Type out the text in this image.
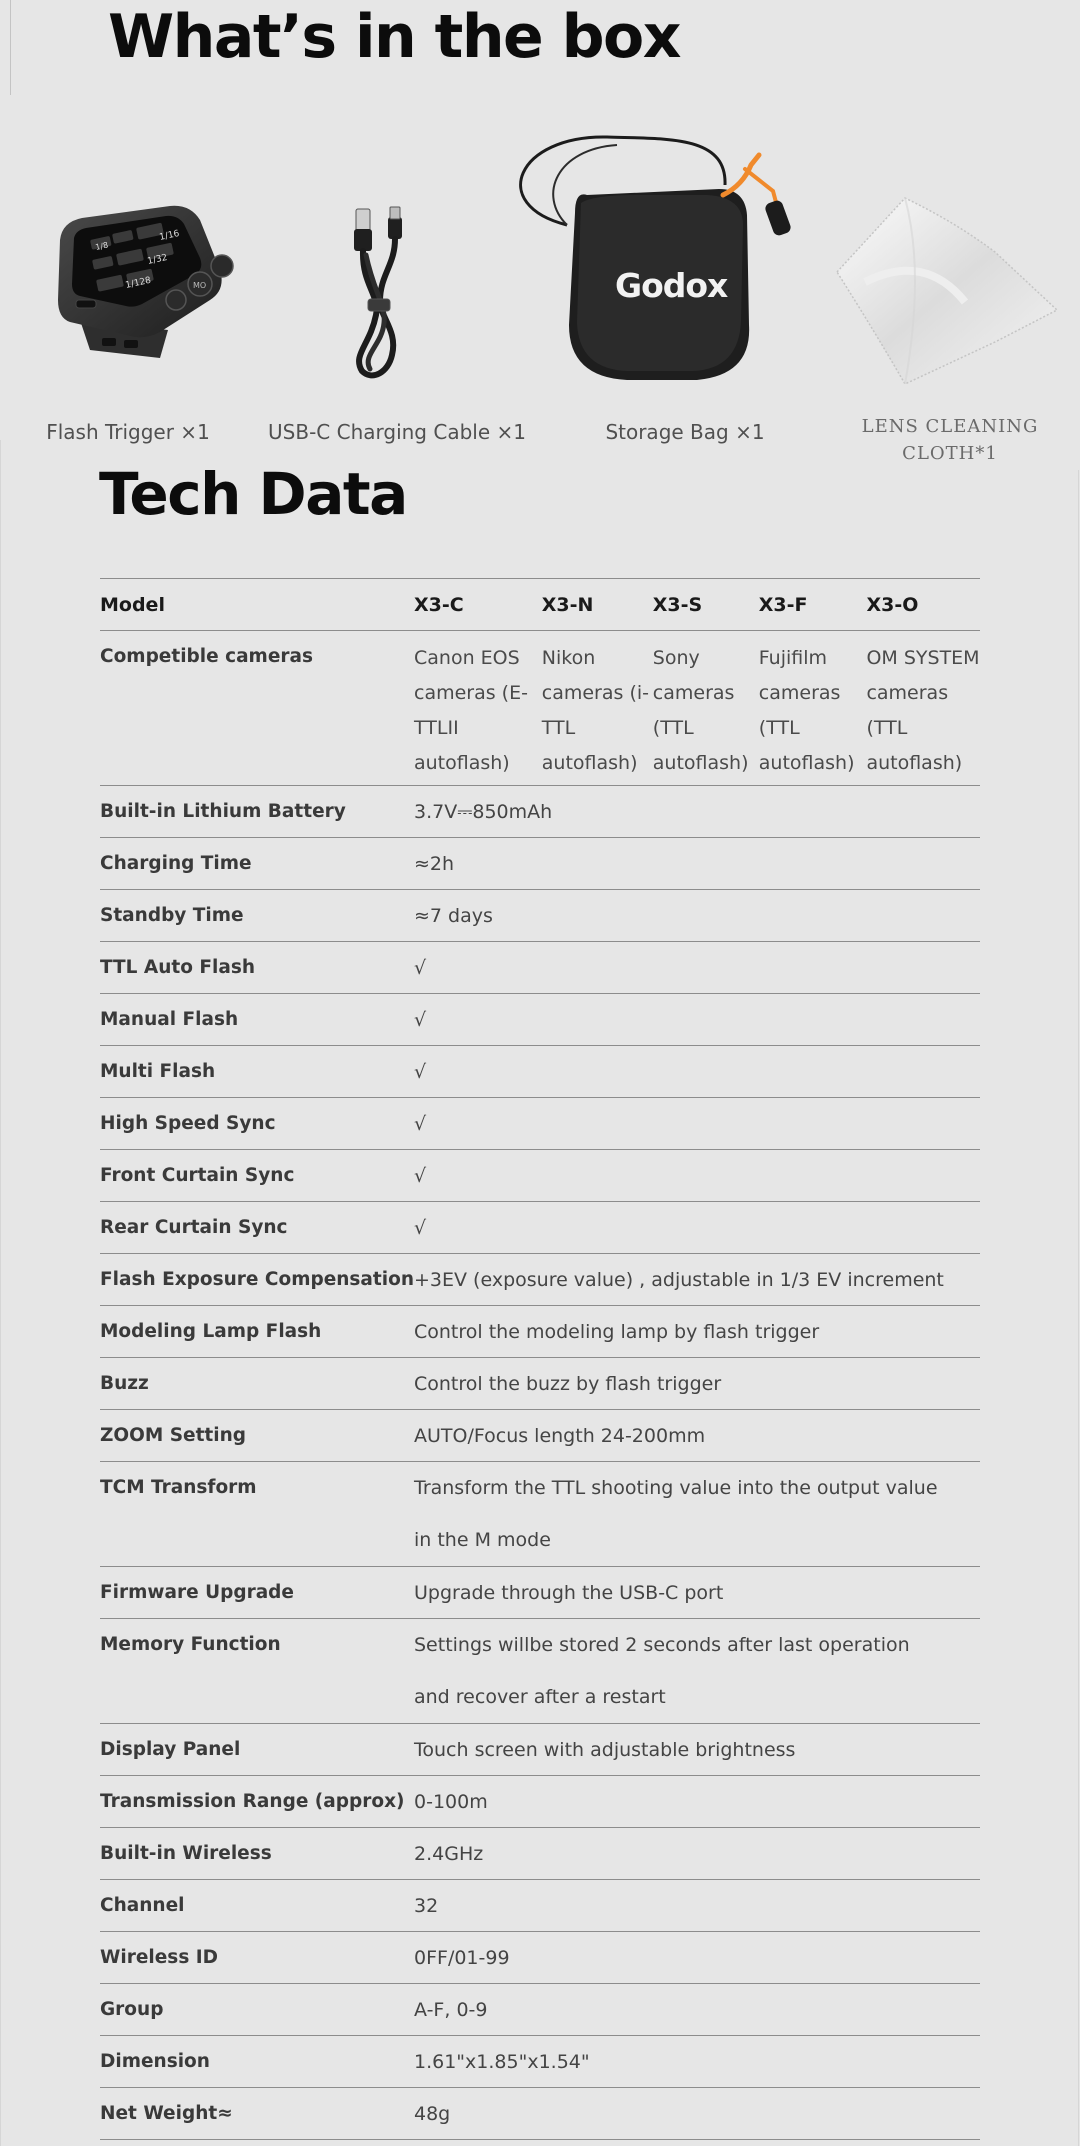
What’s in the box
1/16
1/32
1/128
1/8
MO	Godox
Flash Trigger ×1	USB-C Charging Cable ×1	Storage Bag ×1	LENS CLEANING CLOTH*1
Tech Data
Model	X3-C	X3-N	X3-S	X3-F	X3-O
Competible cameras	Canon EOS cameras (E-TTLII autoflash)	Nikon cameras (i-TTL autoflash)	Sony cameras (TTL autoflash)	Fujifilm cameras (TTL autoflash)	OM SYSTEM cameras (TTL autoflash)
Built-in Lithium Battery	3.7V⎓850mAh				
Charging Time	≈2h				
Standby Time	≈7 days				
TTL Auto Flash	√				
Manual Flash	√				
Multi Flash	√				
High Speed Sync	√				
Front Curtain Sync	√				
Rear Curtain Sync	√				
Flash Exposure Compensation	+3EV (exposure value) , adjustable in 1/3 EV increment				
Modeling Lamp Flash	Control the modeling lamp by flash trigger				
Buzz	Control the buzz by flash trigger				
ZOOM Setting	AUTO/Focus length 24-200mm				
TCM Transform	Transform the TTL shooting value into the output value in the M mode				
Firmware Upgrade	Upgrade through the USB-C port				
Memory Function	Settings willbe stored 2 seconds after last operation and recover after a restart				
Display Panel	Touch screen with adjustable brightness				
Transmission Range (approx)	0-100m				
Built-in Wireless	2.4GHz				
Channel	32				
Wireless ID	0FF/01-99				
Group	A-F, 0-9				
Dimension	1.61"x1.85"x1.54"				
Net Weight≈	48g				
